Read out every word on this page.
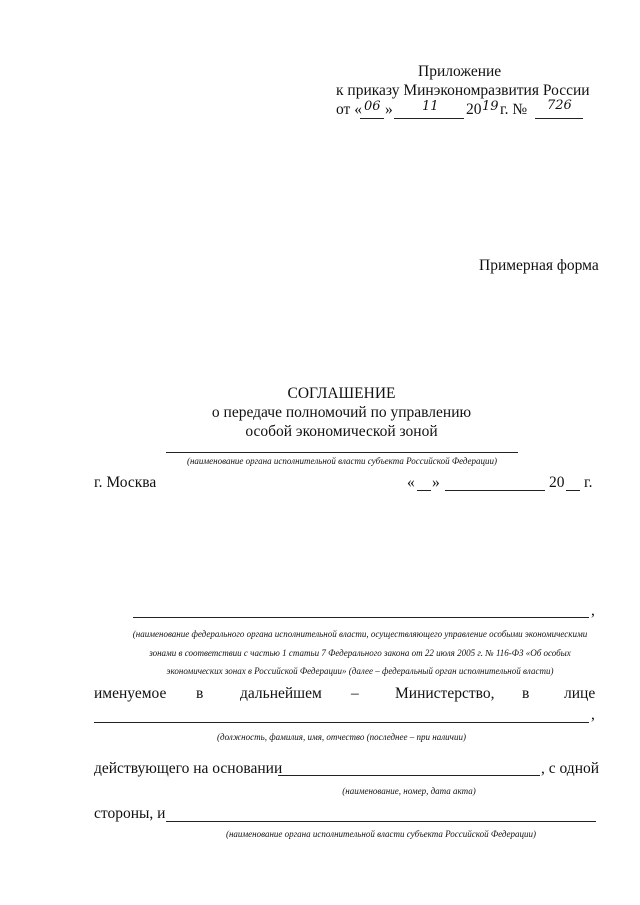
Приложение
к приказу Минэкономразвития России
от « 06 » 11 20 19 г. № 726
Примерная форма
СОГЛАШЕНИЕ
о передаче полномочий по управлению
особой экономической зоной
(наименование органа исполнительной власти субъекта Российской Федерации)
г. Москва	« »	20 г.
,
(наименование федерального органа исполнительной власти, осуществляющего управление особыми экономическими
зонами в соответствии с частью 1 статьи 7 Федерального закона от 22 июля 2005 г. № 116-ФЗ «Об особых
экономических зонах в Российской Федерации» (далее – федеральный орган исполнительной власти)
именуемое в дальнейшем – Министерство, в лице
,
(должность, фамилия, имя, отчество (последнее – при наличии)
действующего на основании	, с одной
(наименование, номер, дата акта)
стороны, и
(наименование органа исполнительной власти субъекта Российской Федерации)
